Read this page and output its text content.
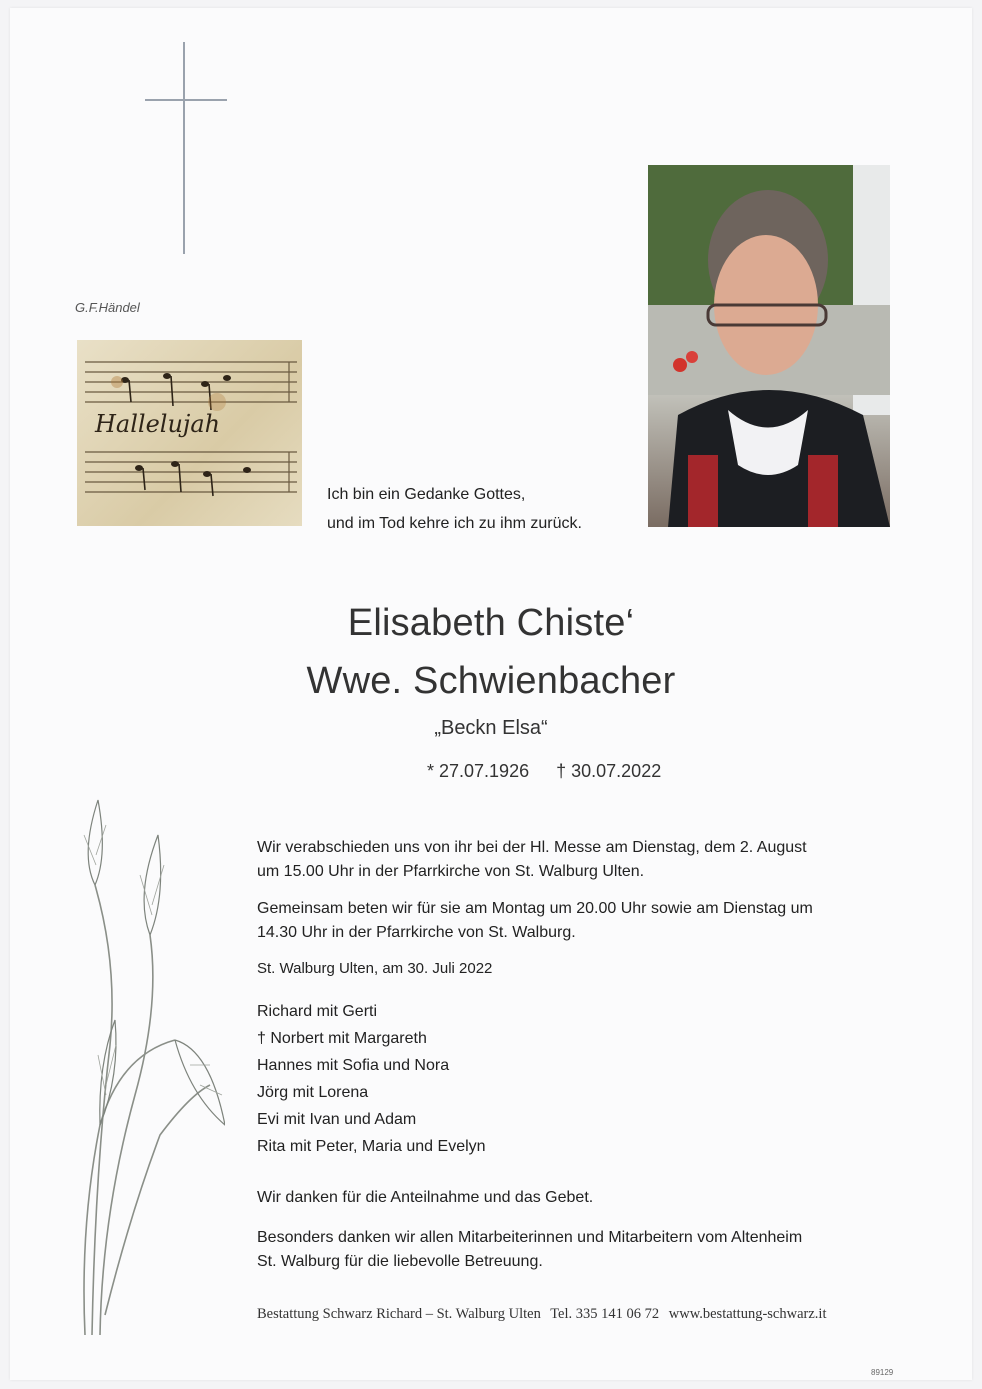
G.F.Händel
Hallelujah
Ich bin ein Gedanke Gottes,
und im Tod kehre ich zu ihm zurück.
Elisabeth Chiste‘
Wwe. Schwienbacher
„Beckn Elsa“
* 27.07.1926 † 30.07.2022
Wir verabschieden uns von ihr bei der Hl. Messe am Dienstag, dem 2. August
um 15.00 Uhr in der Pfarrkirche von St. Walburg Ulten.
Gemeinsam beten wir für sie am Montag um 20.00 Uhr sowie am Dienstag um
14.30 Uhr in der Pfarrkirche von St. Walburg.
St. Walburg Ulten, am 30. Juli 2022
Richard mit Gerti
† Norbert mit Margareth
Hannes mit Sofia und Nora
Jörg mit Lorena
Evi mit Ivan und Adam
Rita mit Peter, Maria und Evelyn
Wir danken für die Anteilnahme und das Gebet.
Besonders danken wir allen Mitarbeiterinnen und Mitarbeitern vom Altenheim
St. Walburg für die liebevolle Betreuung.
Bestattung Schwarz Richard – St. Walburg Ulten Tel. 335 141 06 72 www.bestattung-schwarz.it
89129
